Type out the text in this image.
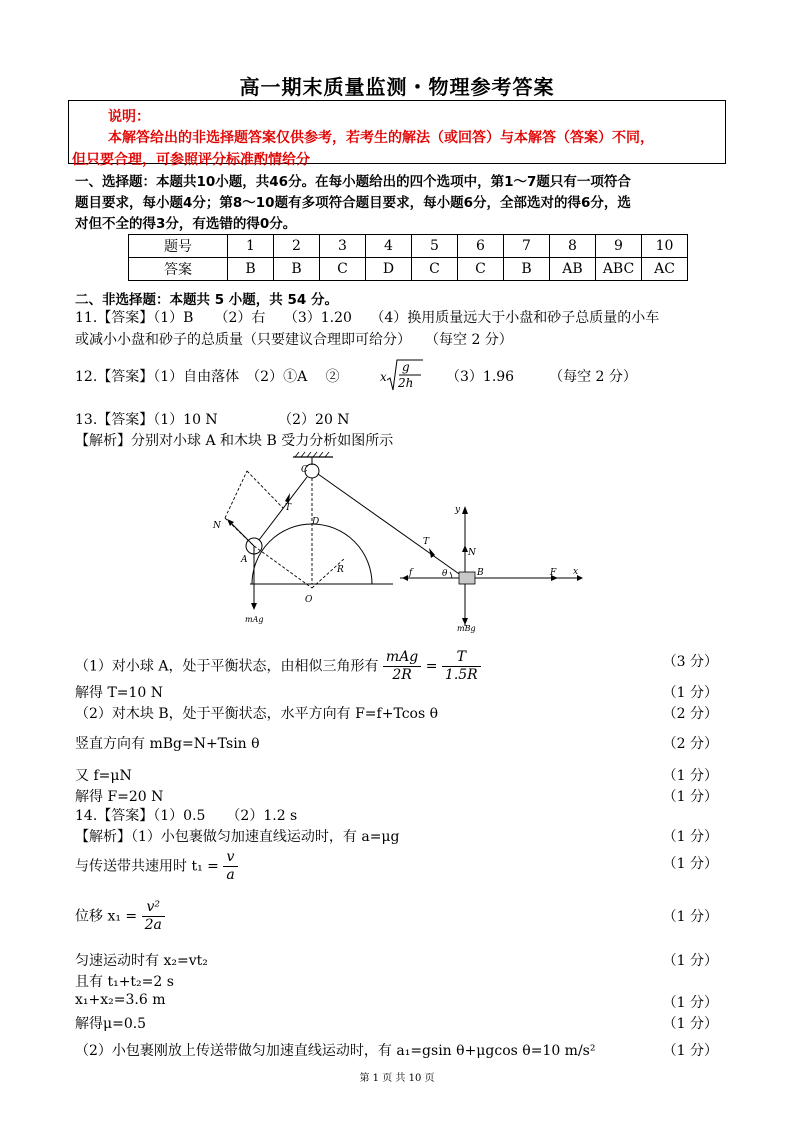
高一期末质量监测・物理参考答案
说明：
本解答给出的非选择题答案仅供参考，若考生的解法（或回答）与本解答（答案）不同，
但只要合理，可参照评分标准酌情给分
一、选择题：本题共10小题，共46分。在每小题给出的四个选项中，第1～7题只有一项符合
题目要求，每小题4分；第8～10题有多项符合题目要求，每小题6分，全部选对的得6分，选
对但不全的得3分，有选错的得0分。
题号	1	2	3	4	5	6	7	8	9	10
答案	B	B	C	D	C	C	B	AB	ABC	AC
二、非选择题：本题共 5 小题，共 54 分。
11.【答案】（1）B　　（2）右　 （3）1.20　 （4）换用质量远大于小盘和砂子总质量的小车
或减小小盘和砂子的总质量（只要建议合理即可给分）　　（每空 2 分）
12.【答案】（1）自由落体　（2）①A　 ②	x
g
2h （3）1.96　　　（每空 2 分）
13.【答案】（1）10 N　　　　 （2）20 N
【解析】分别对小球 A 和木块 B 受力分析如图所示
C
T
N
A
D
R
O
mAg
T
y
N
f	θ	B	F x
mBg
（1）对小球 A，处于平衡状态，由相似三角形有 $\frac{\text{mAg}}{2R} = \frac{T}{1.5R}$	（3 分）
解得 T=10 N	（1 分）
（2）对木块 B，处于平衡状态，水平方向有 F=f+Tcos θ	（2 分）
竖直方向有 mBg=N+Tsin θ	（2 分）
又 f=μN	（1 分）
解得 F=20 N	（1 分）
14.【答案】（1）0.5　　（2）1.2 s
【解析】（1）小包裹做匀加速直线运动时，有 a=μg	（1 分）
与传送带共速用时 $t_1 = \frac{v}{a}$	（1 分）
位移 $x_1 = \frac{\text{v²}}{2a}$	（1 分）
匀速运动时有 x₂=vt₂	（1 分）
且有 t₁+t₂=2 s
x₁+x₂=3.6 m	（1 分）
解得μ=0.5	（1 分）
（2）小包裹刚放上传送带做匀加速直线运动时，有 a₁=gsin θ+μgcos θ=10 m/s²	（1 分）
第 1 页 共 10 页
